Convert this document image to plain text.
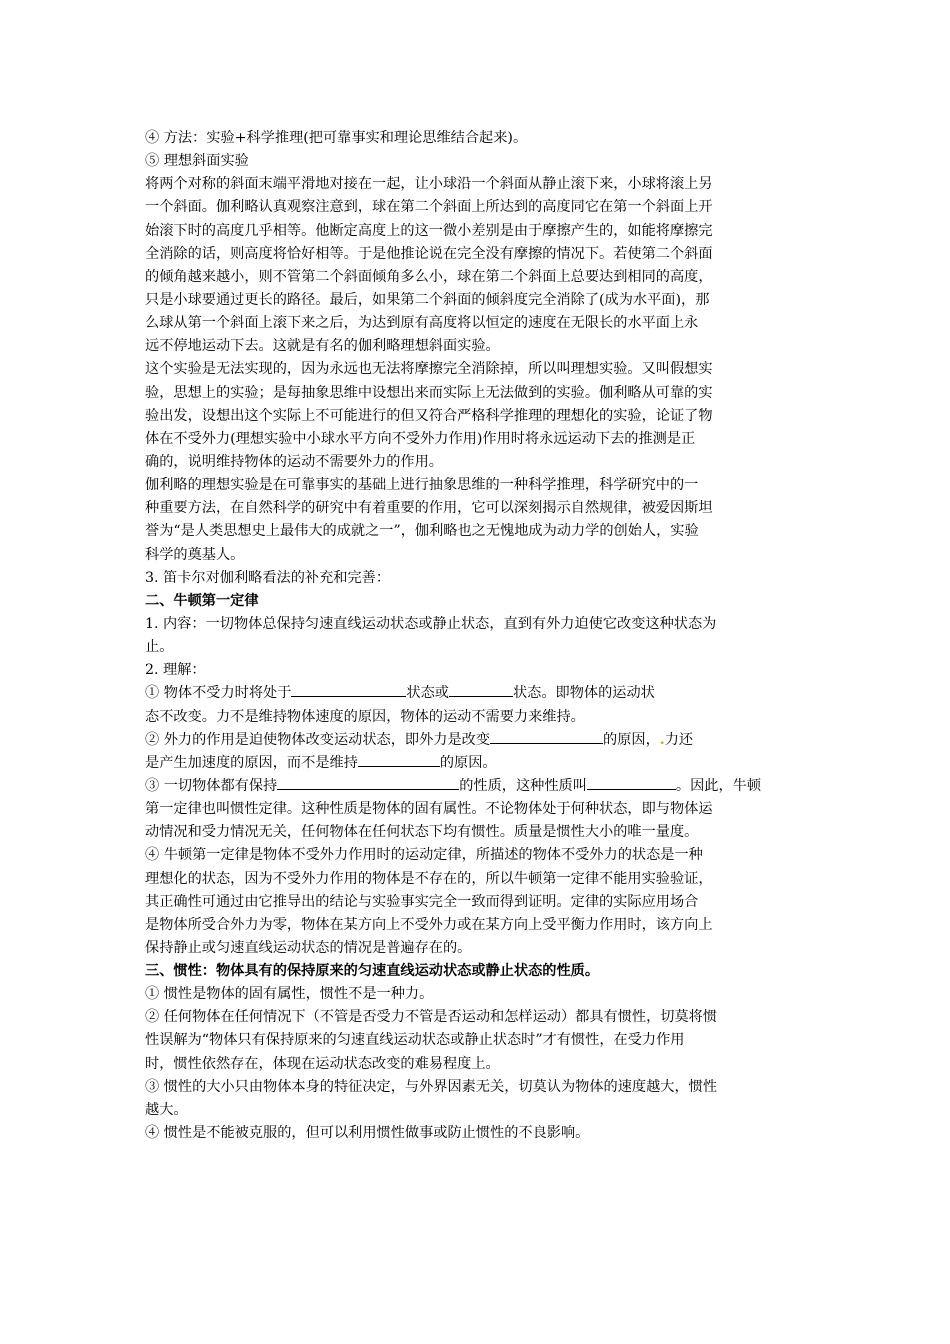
④ 方法：实验+科学推理(把可靠事实和理论思维结合起来)。
⑤ 理想斜面实验
将两个对称的斜面末端平滑地对接在一起，让小球沿一个斜面从静止滚下来，小球将滚上另
一个斜面。伽利略认真观察注意到，球在第二个斜面上所达到的高度同它在第一个斜面上开
始滚下时的高度几乎相等。他断定高度上的这一微小差别是由于摩擦产生的，如能将摩擦完
全消除的话，则高度将恰好相等。于是他推论说在完全没有摩擦的情况下。若使第二个斜面
的倾角越来越小，则不管第二个斜面倾角多么小，球在第二个斜面上总要达到相同的高度，
只是小球要通过更长的路径。最后，如果第二个斜面的倾斜度完全消除了(成为水平面)，那
么球从第一个斜面上滚下来之后，为达到原有高度将以恒定的速度在无限长的水平面上永
远不停地运动下去。这就是有名的伽利略理想斜面实验。
这个实验是无法实现的，因为永远也无法将摩擦完全消除掉，所以叫理想实验。又叫假想实
验，思想上的实验；是每抽象思维中设想出来而实际上无法做到的实验。伽利略从可靠的实
验出发，设想出这个实际上不可能进行的但又符合严格科学推理的理想化的实验，论证了物
体在不受外力(理想实验中小球水平方向不受外力作用)作用时将永远运动下去的推测是正
确的，说明维持物体的运动不需要外力的作用。
伽利略的理想实验是在可靠事实的基础上进行抽象思维的一种科学推理，科学研究中的一
种重要方法，在自然科学的研究中有着重要的作用，它可以深刻揭示自然规律，被爱因斯坦
誉为“是人类思想史上最伟大的成就之一”，伽利略也之无愧地成为动力学的创始人，实验
科学的奠基人。
3. 笛卡尔对伽利略看法的补充和完善：
二、牛顿第一定律
1. 内容：一切物体总保持匀速直线运动状态或静止状态，直到有外力迫使它改变这种状态为
止。
2. 理解：
① 物体不受力时将处于	状态或	状态。即物体的运动状
态不改变。力不是维持物体速度的原因，物体的运动不需要力来维持。
② 外力的作用是迫使物体改变运动状态，即外力是改变	的原因，.力还
是产生加速度的原因，而不是维持	的原因。
③ 一切物体都有保持	的性质，这种性质叫	。因此，牛顿
第一定律也叫惯性定律。这种性质是物体的固有属性。不论物体处于何种状态，即与物体运
动情况和受力情况无关，任何物体在任何状态下均有惯性。质量是惯性大小的唯一量度。
④ 牛顿第一定律是物体不受外力作用时的运动定律，所描述的物体不受外力的状态是一种
理想化的状态，因为不受外力作用的物体是不存在的，所以牛顿第一定律不能用实验验证，
其正确性可通过由它推导出的结论与实验事实完全一致而得到证明。定律的实际应用场合
是物体所受合外力为零，物体在某方向上不受外力或在某方向上受平衡力作用时，该方向上
保持静止或匀速直线运动状态的情况是普遍存在的。
三、惯性：物体具有的保持原来的匀速直线运动状态或静止状态的性质。
① 惯性是物体的固有属性，惯性不是一种力。
② 任何物体在任何情况下（不管是否受力不管是否运动和怎样运动）都具有惯性，切莫将惯
性误解为“物体只有保持原来的匀速直线运动状态或静止状态时”才有惯性，在受力作用
时，惯性依然存在，体现在运动状态改变的难易程度上。
③ 惯性的大小只由物体本身的特征决定，与外界因素无关，切莫认为物体的速度越大，惯性
越大。
④ 惯性是不能被克服的，但可以利用惯性做事或防止惯性的不良影响。
